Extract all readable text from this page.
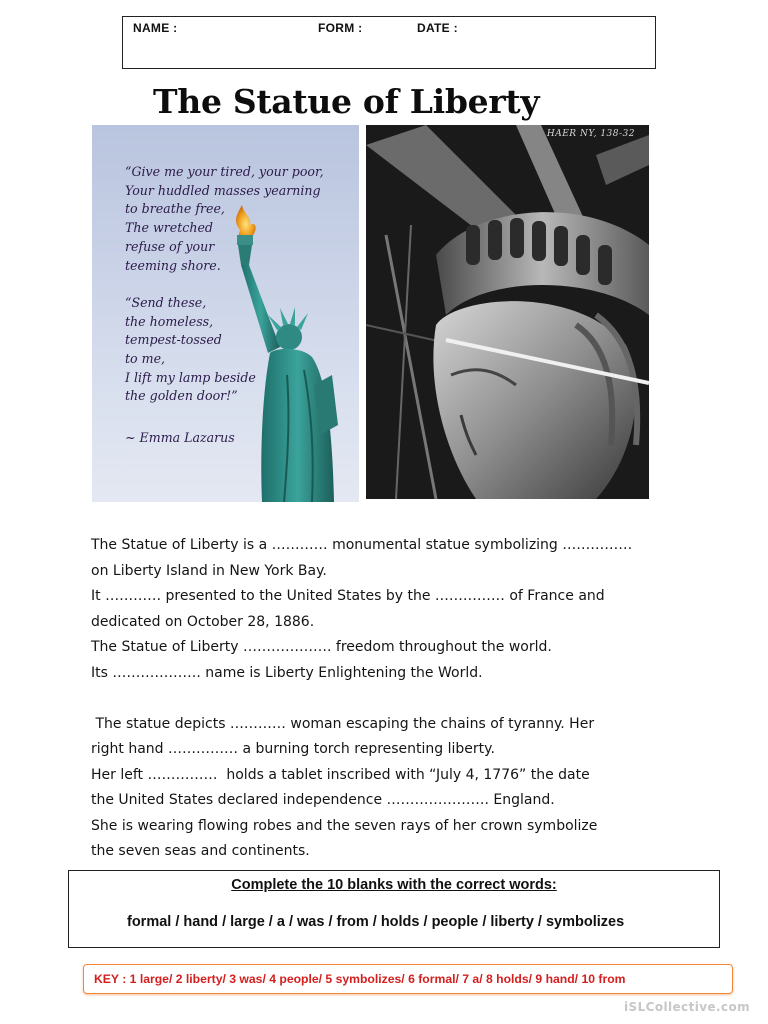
NAME :	FORM :	DATE :
The Statue of Liberty
“Give me your tired, your poor,
Your huddled masses yearning
to breathe free,
The wretched
refuse of your
teeming shore.

“Send these,
the homeless,
tempest-tossed
to me,
I lift my lamp beside
the golden door!”
~ Emma Lazarus
HAER NY, 138-32

The Statue of Liberty is a ………… monumental statue symbolizing ……………

on Liberty Island in New York Bay.

It ………… presented to the United States by the …………… of France and

dedicated on October 28, 1886.

The Statue of Liberty ………………. freedom throughout the world.

Its ………………. name is Liberty Enlightening the World.

The statue depicts ………… woman escaping the chains of tyranny. Her

right hand …………… a burning torch representing liberty.

Her left ……………  holds a tablet inscribed with “July 4, 1776” the date

the United States declared independence …………………. England.

She is wearing flowing robes and the seven rays of her crown symbolize

the seven seas and continents.

Complete the 10 blanks with the correct words:
formal / hand / large / a / was / from / holds / people / liberty / symbolizes
KEY : 1 large/ 2 liberty/ 3 was/ 4 people/ 5 symbolizes/ 6 formal/ 7 a/ 8 holds/ 9 hand/ 10 from
iSLCollective.com
